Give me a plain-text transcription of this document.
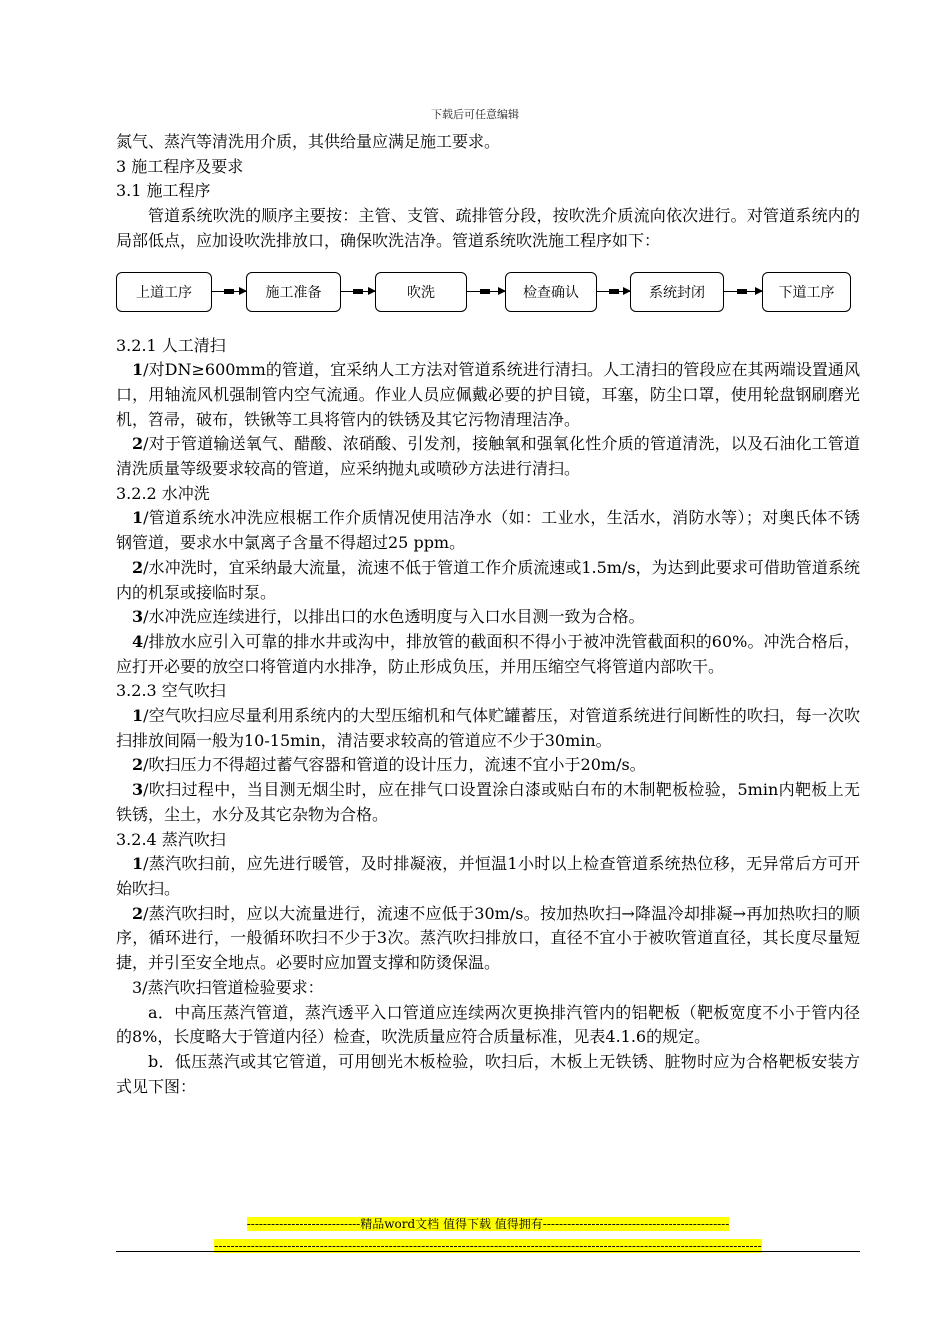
下载后可任意编辑

氮气、蒸汽等清洗用介质，其供给量应满足施工要求。

3 施工程序及要求

3.1 施工程序

管道系统吹洗的顺序主要按：主管、支管、疏排管分段，按吹洗介质流向依次进行。对管道系统内的局部低点，应加设吹洗排放口，确保吹洗洁净。管道系统吹洗施工程序如下：

上道工序	施工准备	吹洗	检查确认	系统封闭	下道工序

3.2.1 人工清扫

1/对DN≥600mm的管道，宜采纳人工方法对管道系统进行清扫。人工清扫的管段应在其两端设置通风口，用轴流风机强制管内空气流通。作业人员应佩戴必要的护目镜，耳塞，防尘口罩，使用轮盘钢刷磨光机，笤帚，破布，铁锹等工具将管内的铁锈及其它污物清理洁净。

2/对于管道输送氧气、醋酸、浓硝酸、引发剂，接触氧和强氧化性介质的管道清洗，以及石油化工管道清洗质量等级要求较高的管道，应采纳抛丸或喷砂方法进行清扫。

3.2.2 水冲洗

1/管道系统水冲洗应根椐工作介质情况使用洁净水（如：工业水，生活水，消防水等）；对奥氏体不锈钢管道，要求水中氯离子含量不得超过25 ppm。

2/水冲洗时，宜采纳最大流量，流速不低于管道工作介质流速或1.5m/s，为达到此要求可借助管道系统内的机泵或接临时泵。

3/水冲洗应连续进行，以排出口的水色透明度与入口水目测一致为合格。

4/排放水应引入可靠的排水井或沟中，排放管的截面积不得小于被冲洗管截面积的60%。冲洗合格后，应打开必要的放空口将管道内水排净，防止形成负压，并用压缩空气将管道内部吹干。

3.2.3 空气吹扫

1/空气吹扫应尽量利用系统内的大型压缩机和气体贮罐蓄压，对管道系统进行间断性的吹扫，每一次吹扫排放间隔一般为10-15min，清洁要求较高的管道应不少于30min。

2/吹扫压力不得超过蓄气容器和管道的设计压力，流速不宜小于20m/s。

3/吹扫过程中，当目测无烟尘时，应在排气口设置涂白漆或贴白布的木制靶板检验，5min内靶板上无铁锈，尘土，水分及其它杂物为合格。

3.2.4 蒸汽吹扫

1/蒸汽吹扫前，应先进行暖管，及时排凝液，并恒温1小时以上检查管道系统热位移，无异常后方可开始吹扫。

2/蒸汽吹扫时，应以大流量进行，流速不应低于30m/s。按加热吹扫→降温冷却排凝→再加热吹扫的顺序，循环进行，一般循环吹扫不少于3次。蒸汽吹扫排放口，直径不宜小于被吹管道直径，其长度尽量短捷，并引至安全地点。必要时应加置支撑和防烫保温。

3/蒸汽吹扫管道检验要求：

a．中高压蒸汽管道，蒸汽透平入口管道应连续两次更换排汽管内的铝靶板（靶板宽度不小于管内径的8%，长度略大于管道内径）检查，吹洗质量应符合质量标准，见表4.1.6的规定。

b．低压蒸汽或其它管道，可用刨光木板检验，吹扫后，木板上无铁锈、脏物时应为合格靶板安装方式见下图：

----------------------------精品word文档 值得下载 值得拥有----------------------------------------------
---------------------------------------------------------------------------------------------------------------------------------------
